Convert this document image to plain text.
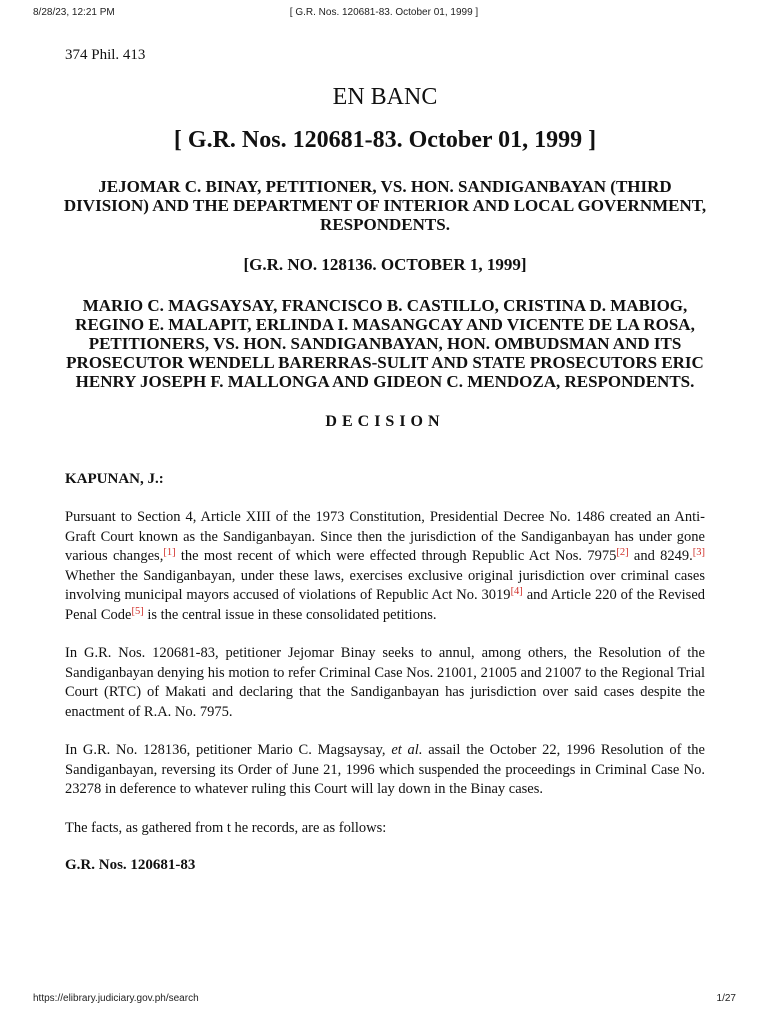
8/28/23, 12:21 PM	[ G.R. Nos. 120681-83. October 01, 1999 ]
374 Phil. 413
EN BANC
[ G.R. Nos. 120681-83. October 01, 1999 ]
JEJOMAR C. BINAY, PETITIONER, VS. HON. SANDIGANBAYAN (THIRD DIVISION) AND THE DEPARTMENT OF INTERIOR AND LOCAL GOVERNMENT, RESPONDENTS.
[G.R. NO. 128136. OCTOBER 1, 1999]
MARIO C. MAGSAYSAY, FRANCISCO B. CASTILLO, CRISTINA D. MABIOG, REGINO E. MALAPIT, ERLINDA I. MASANGCAY AND VICENTE DE LA ROSA, PETITIONERS, VS. HON. SANDIGANBAYAN, HON. OMBUDSMAN AND ITS PROSECUTOR WENDELL BARERRAS-SULIT AND STATE PROSECUTORS ERIC HENRY JOSEPH F. MALLONGA AND GIDEON C. MENDOZA, RESPONDENTS.
DECISION
KAPUNAN, J.:

Pursuant to Section 4, Article XIII of the 1973 Constitution, Presidential Decree No. 1486 created an Anti-Graft Court known as the Sandiganbayan. Since then the jurisdiction of the Sandiganbayan has under gone various changes,[1] the most recent of which were effected through Republic Act Nos. 7975[2] and 8249.[3] Whether the Sandiganbayan, under these laws, exercises exclusive original jurisdiction over criminal cases involving municipal mayors accused of violations of Republic Act No. 3019[4] and Article 220 of the Revised Penal Code[5] is the central issue in these consolidated petitions.

In G.R. Nos. 120681-83, petitioner Jejomar Binay seeks to annul, among others, the Resolution of the Sandiganbayan denying his motion to refer Criminal Case Nos. 21001, 21005 and 21007 to the Regional Trial Court (RTC) of Makati and declaring that the Sandiganbayan has jurisdiction over said cases despite the enactment of R.A. No. 7975.

In G.R. No. 128136, petitioner Mario C. Magsaysay, et al. assail the October 22, 1996 Resolution of the Sandiganbayan, reversing its Order of June 21, 1996 which suspended the proceedings in Criminal Case No. 23278 in deference to whatever ruling this Court will lay down in the Binay cases.

The facts, as gathered from t he records, are as follows:

G.R. Nos. 120681-83
https://elibrary.judiciary.gov.ph/search	1/27
